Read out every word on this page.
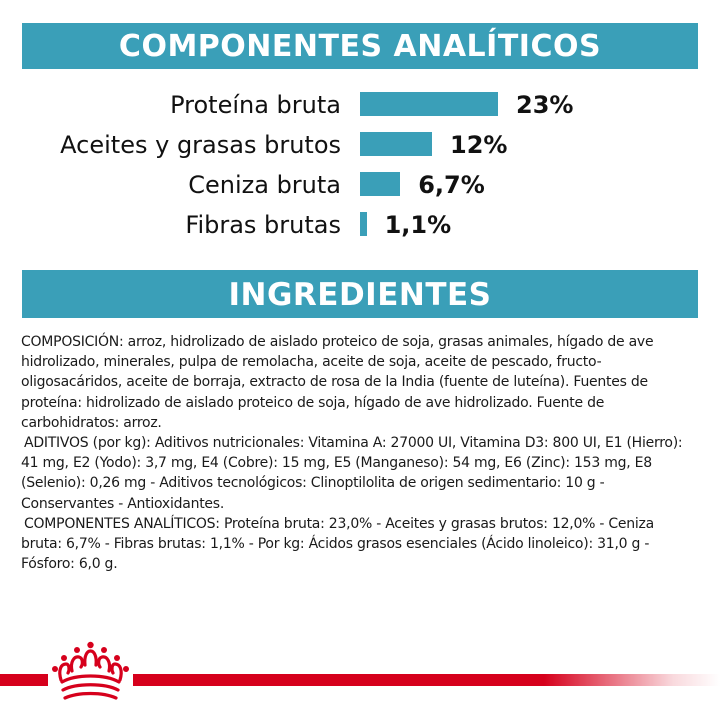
COMPONENTES ANALÍTICOS
Proteína bruta	23%
Aceites y grasas brutos	12%
Ceniza bruta	6,7%
Fibras brutas 1,1%
INGREDIENTES

COMPOSICIÓN: arroz, hidrolizado de aislado proteico de soja, grasas animales, hígado de ave hidrolizado, minerales, pulpa de remolacha, aceite de soja, aceite de pescado, fructo-oligosacáridos, aceite de borraja, extracto de rosa de la India (fuente de luteína). Fuentes de proteína: hidrolizado de aislado proteico de soja, hígado de ave hidrolizado. Fuente de carbohidratos: arroz.

ADITIVOS (por kg): Aditivos nutricionales: Vitamina A: 27000 UI, Vitamina D3: 800 UI, E1 (Hierro): 41 mg, E2 (Yodo): 3,7 mg, E4 (Cobre): 15 mg, E5 (Manganeso): 54 mg, E6 (Zinc): 153 mg, E8 (Selenio): 0,26 mg - Aditivos tecnológicos: Clinoptilolita de origen sedimentario: 10 g - Conservantes - Antioxidantes.

COMPONENTES ANALÍTICOS: Proteína bruta: 23,0% - Aceites y grasas brutos: 12,0% - Ceniza bruta: 6,7% - Fibras brutas: 1,1% - Por kg: Ácidos grasos esenciales (Ácido linoleico): 31,0 g - Fósforo: 6,0 g.
